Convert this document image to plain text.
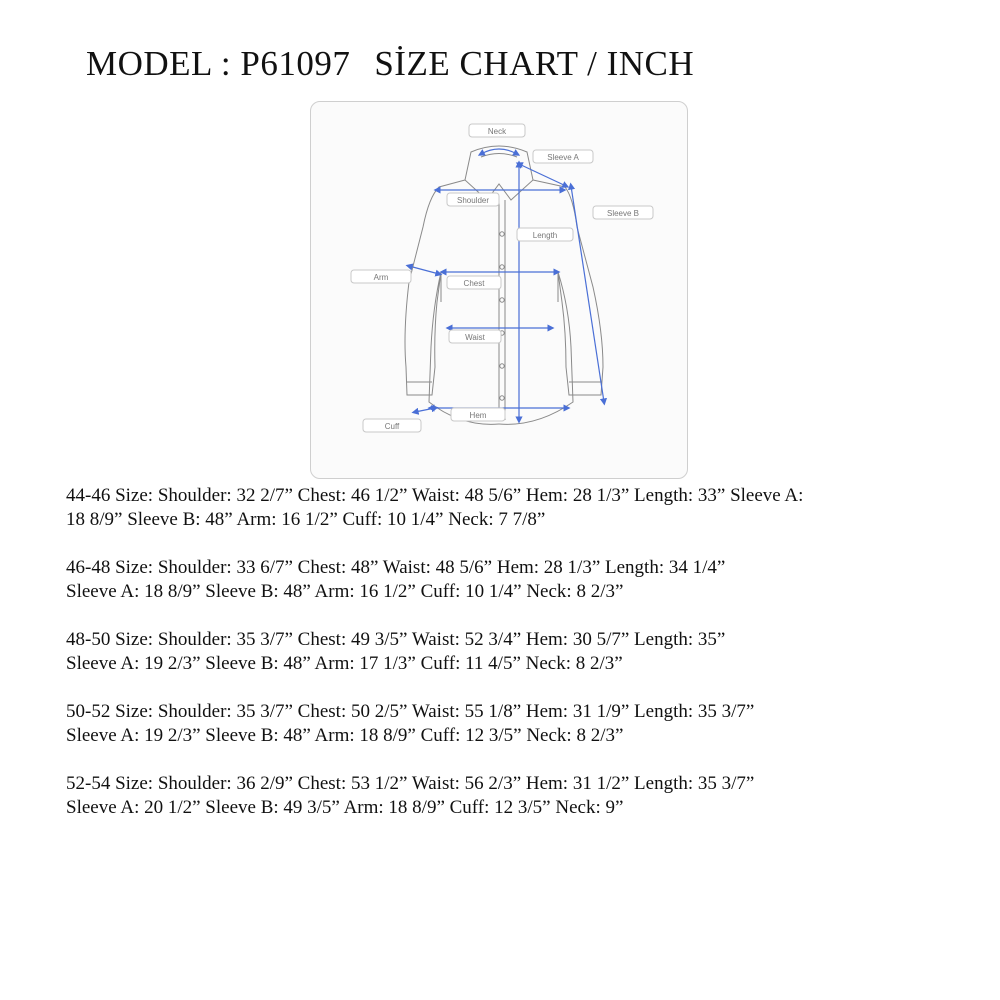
MODEL : P61097 SİZE CHART / INCH
Neck
Sleeve A
Sleeve B
Shoulder
Length
Arm
Chest
Waist
Hem
Cuff
44-46 Size: Shoulder: 32 2/7” Chest: 46 1/2” Waist: 48 5/6” Hem: 28 1/3” Length: 33” Sleeve A:
18 8/9” Sleeve B: 48” Arm: 16 1/2” Cuff: 10 1/4” Neck: 7 7/8”
46-48 Size: Shoulder: 33 6/7” Chest: 48” Waist: 48 5/6” Hem: 28 1/3” Length: 34 1/4”
Sleeve A: 18 8/9” Sleeve B: 48” Arm: 16 1/2” Cuff: 10 1/4” Neck: 8 2/3”
48-50 Size: Shoulder: 35 3/7” Chest: 49 3/5” Waist: 52 3/4” Hem: 30 5/7” Length: 35”
Sleeve A: 19 2/3” Sleeve B: 48” Arm: 17 1/3” Cuff: 11 4/5” Neck: 8 2/3”
50-52 Size: Shoulder: 35 3/7” Chest: 50 2/5” Waist: 55 1/8” Hem: 31 1/9” Length: 35 3/7”
Sleeve A: 19 2/3” Sleeve B: 48” Arm: 18 8/9” Cuff: 12 3/5” Neck: 8 2/3”
52-54 Size: Shoulder: 36 2/9” Chest: 53 1/2” Waist: 56 2/3” Hem: 31 1/2” Length: 35 3/7”
Sleeve A: 20 1/2” Sleeve B: 49 3/5” Arm: 18 8/9” Cuff: 12 3/5” Neck: 9”
